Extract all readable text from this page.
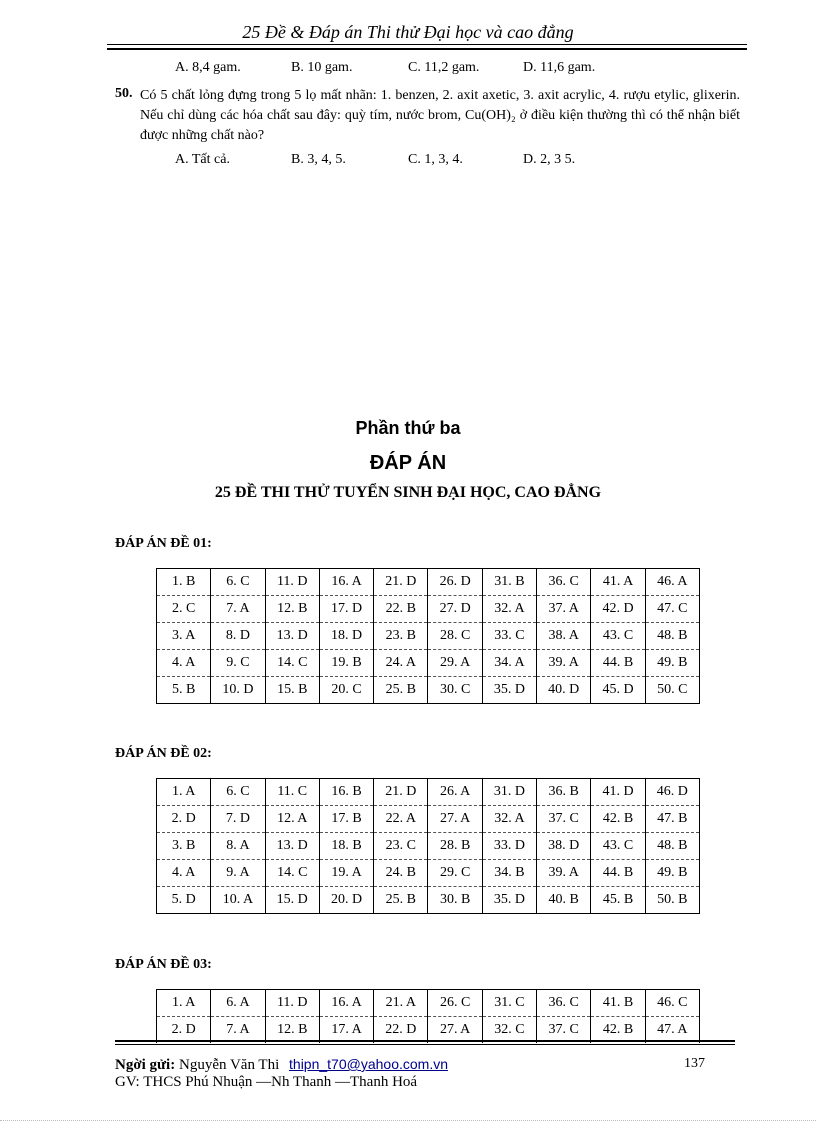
25 Đề & Đáp án Thi thử Đại học và cao đẳng
A. 8,4 gam.	B. 10 gam.	C. 11,2 gam.	D. 11,6 gam.
50. Có 5 chất lỏng đựng trong 5 lọ mất nhãn: 1. benzen, 2. axit axetic, 3. axit acrylic, 4. rượu etylic, glixerin. Nếu chỉ dùng các hóa chất sau đây: quỳ tím, nước brom, Cu(OH)₂ ở điều kiện thường thì có thể nhận biết được những chất nào?
A. Tất cả.	B. 3, 4, 5.	C. 1, 3, 4.	D. 2, 3 5.
Phần thứ ba
ĐÁP ÁN
25 ĐỀ THI THỬ TUYỂN SINH ĐẠI HỌC, CAO ĐẲNG
ĐÁP ÁN ĐỀ 01:
1. B	6. C	11. D	16. A	21. D	26. D	31. B	36. C	41. A	46. A
2. C	7. A	12. B	17. D	22. B	27. D	32. A	37. A	42. D	47. C
3. A	8. D	13. D	18. D	23. B	28. C	33. C	38. A	43. C	48. B
4. A	9. C	14. C	19. B	24. A	29. A	34. A	39. A	44. B	49. B
5. B	10. D	15. B	20. C	25. B	30. C	35. D	40. D	45. D	50. C
ĐÁP ÁN ĐỀ 02:
1. A	6. C	11. C	16. B	21. D	26. A	31. D	36. B	41. D	46. D
2. D	7. D	12. A	17. B	22. A	27. A	32. A	37. C	42. B	47. B
3. B	8. A	13. D	18. B	23. C	28. B	33. D	38. D	43. C	48. B
4. A	9. A	14. C	19. A	24. B	29. C	34. B	39. A	44. B	49. B
5. D	10. A	15. D	20. D	25. B	30. B	35. D	40. B	45. B	50. B
ĐÁP ÁN ĐỀ 03:
1. A	6. A	11. D	16. A	21. A	26. C	31. C	36. C	41. B	46. C
2. D	7. A	12. B	17. A	22. D	27. A	32. C	37. C	42. B	47. A
Ngời gửi: Nguyễn Văn Thi thipn_t70@yahoo.com.vn	137
GV: THCS Phú Nhuận —Nh Thanh —Thanh Hoá
